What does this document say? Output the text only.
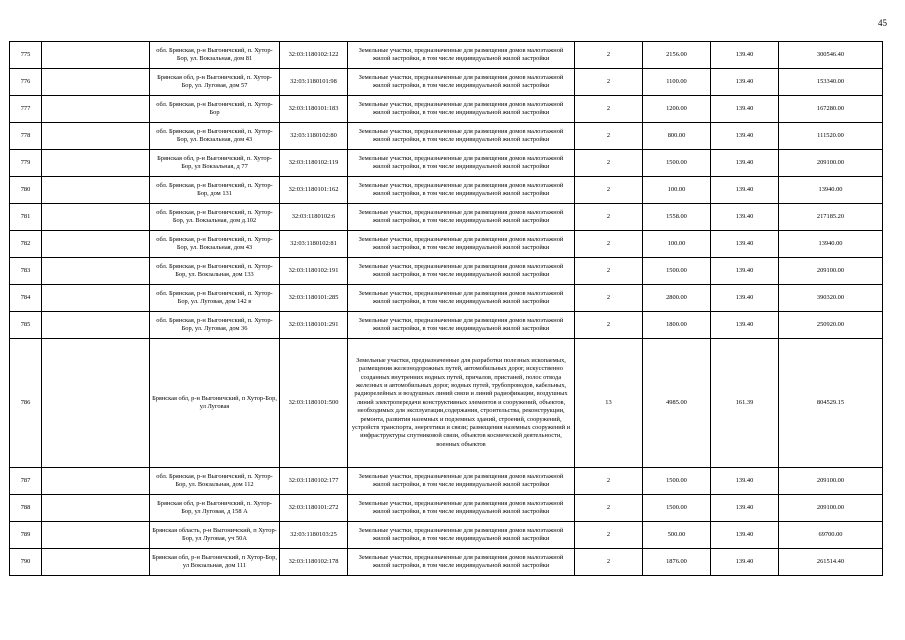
45
775		обл. Брянская, р-н Выгоничский, п. Хутор-Бор, ул. Вокзальная, дом 81	32:03:1180102:122	Земельные участки, предназначенные для размещения домов малоэтажной жилой застройки, в том числе индивидуальной жилой застройки	2	2156.00	139.40	300546.40
776		Брянская обл, р-н Выгоничский, п. Хутор-Бор, ул. Луговая, дом 57	32:03:1180101:98	Земельные участки, предназначенные для размещения домов малоэтажной жилой застройки, в том числе индивидуальной жилой застройки	2	1100.00	139.40	153340.00
777		обл. Брянская, р-н Выгоничский, п. Хутор-Бор	32:03:1180101:183	Земельные участки, предназначенные для размещения домов малоэтажной жилой застройки, в том числе индивидуальной жилой застройки	2	1200.00	139.40	167280.00
778		обл. Брянская, р-н Выгоничский, п. Хутор-Бор, ул. Вокзальная, дом 43	32:03:1180102:80	Земельные участки, предназначенные для размещения домов малоэтажной жилой застройки, в том числе индивидуальной жилой застройки	2	800.00	139.40	111520.00
779		Брянская обл, р-н Выгоничский, п. Хутор-Бор, ул Вокзальная, д 77	32:03:1180102:119	Земельные участки, предназначенные для размещения домов малоэтажной жилой застройки, в том числе индивидуальной жилой застройки	2	1500.00	139.40	209100.00
780		обл. Брянская, р-н Выгоничский, п. Хутор-Бор, дом 131	32:03:1180101:162	Земельные участки, предназначенные для размещения домов малоэтажной жилой застройки, в том числе индивидуальной жилой застройки	2	100.00	139.40	13940.00
781		обл. Брянская, р-н Выгоничский, п. Хутор-Бор, ул. Вокзальная, дом д.102	32:03:1180102:6	Земельные участки, предназначенные для размещения домов малоэтажной жилой застройки, в том числе индивидуальной жилой застройки	2	1558.00	139.40	217185.20
782		обл. Брянская, р-н Выгоничский, п. Хутор-Бор, ул. Вокзальная, дом 43	32:03:1180102:81	Земельные участки, предназначенные для размещения домов малоэтажной жилой застройки, в том числе индивидуальной жилой застройки	2	100.00	139.40	13940.00
783		обл. Брянская, р-н Выгоничский, п. Хутор-Бор, ул. Вокзальная, дом 133	32:03:1180102:191	Земельные участки, предназначенные для размещения домов малоэтажной жилой застройки, в том числе индивидуальной жилой застройки	2	1500.00	139.40	209100.00
784		обл. Брянская, р-н Выгоничский, п. Хутор-Бор, ул. Луговая, дом 142 в	32:03:1180101:285	Земельные участки, предназначенные для размещения домов малоэтажной жилой застройки, в том числе индивидуальной жилой застройки	2	2800.00	139.40	390320.00
785		обл. Брянская, р-н Выгоничский, п. Хутор-Бор, ул. Луговая, дом 36	32:03:1180101:291	Земельные участки, предназначенные для размещения домов малоэтажной жилой застройки, в том числе индивидуальной жилой застройки	2	1800.00	139.40	250920.00
786		Брянская обл, р-н Выгоничский, п Хутор-Бор, ул Луговая	32:03:1180101:500	Земельные участки, предназначенные для разработки полезных ископаемых, размещения железнодорожных путей, автомобильных дорог, искусственно созданных внутренних водных путей, причалов, пристаней, полос отвода железных и автомобильных дорог, водных путей, трубопроводов, кабельных, радиорелейных и воздушных линий связи и линий радиофикации, воздушных линий электропередачи конструктивных элементов и сооружений, объектов, необходимых для эксплуатации,содержания, строительства, реконструкции, ремонта, развития наземных и подземных зданий, строений, сооружений, устройств транспорта, энергетики и связи; размещения наземных сооружений и инфраструктуры спутниковой связи, объектов космической деятельности, военных объектов	13	4985.00	161.39	804529.15
787		обл. Брянская, р-н Выгоничский, п. Хутор-Бор, ул. Вокзальная, дом 112	32:03:1180102:177	Земельные участки, предназначенные для размещения домов малоэтажной жилой застройки, в том числе индивидуальной жилой застройки	2	1500.00	139.40	209100.00
788		Брянская обл, р-н Выгоничский, п. Хутор-Бор, ул Луговая, д 158 А	32:03:1180101:272	Земельные участки, предназначенные для размещения домов малоэтажной жилой застройки, в том числе индивидуальной жилой застройки	2	1500.00	139.40	209100.00
789		Брянская область, р-н Выгоничский, п Хутор-Бор, ул Луговая, уч 50А	32:03:1180103:25	Земельные участки, предназначенные для размещения домов малоэтажной жилой застройки, в том числе индивидуальной жилой застройки	2	500.00	139.40	69700.00
790		Брянская обл, р-н Выгоничский, п Хутор-Бор, ул Вокзальная, дом 111	32:03:1180102:178	Земельные участки, предназначенные для размещения домов малоэтажной жилой застройки, в том числе индивидуальной жилой застройки	2	1876.00	139.40	261514.40
